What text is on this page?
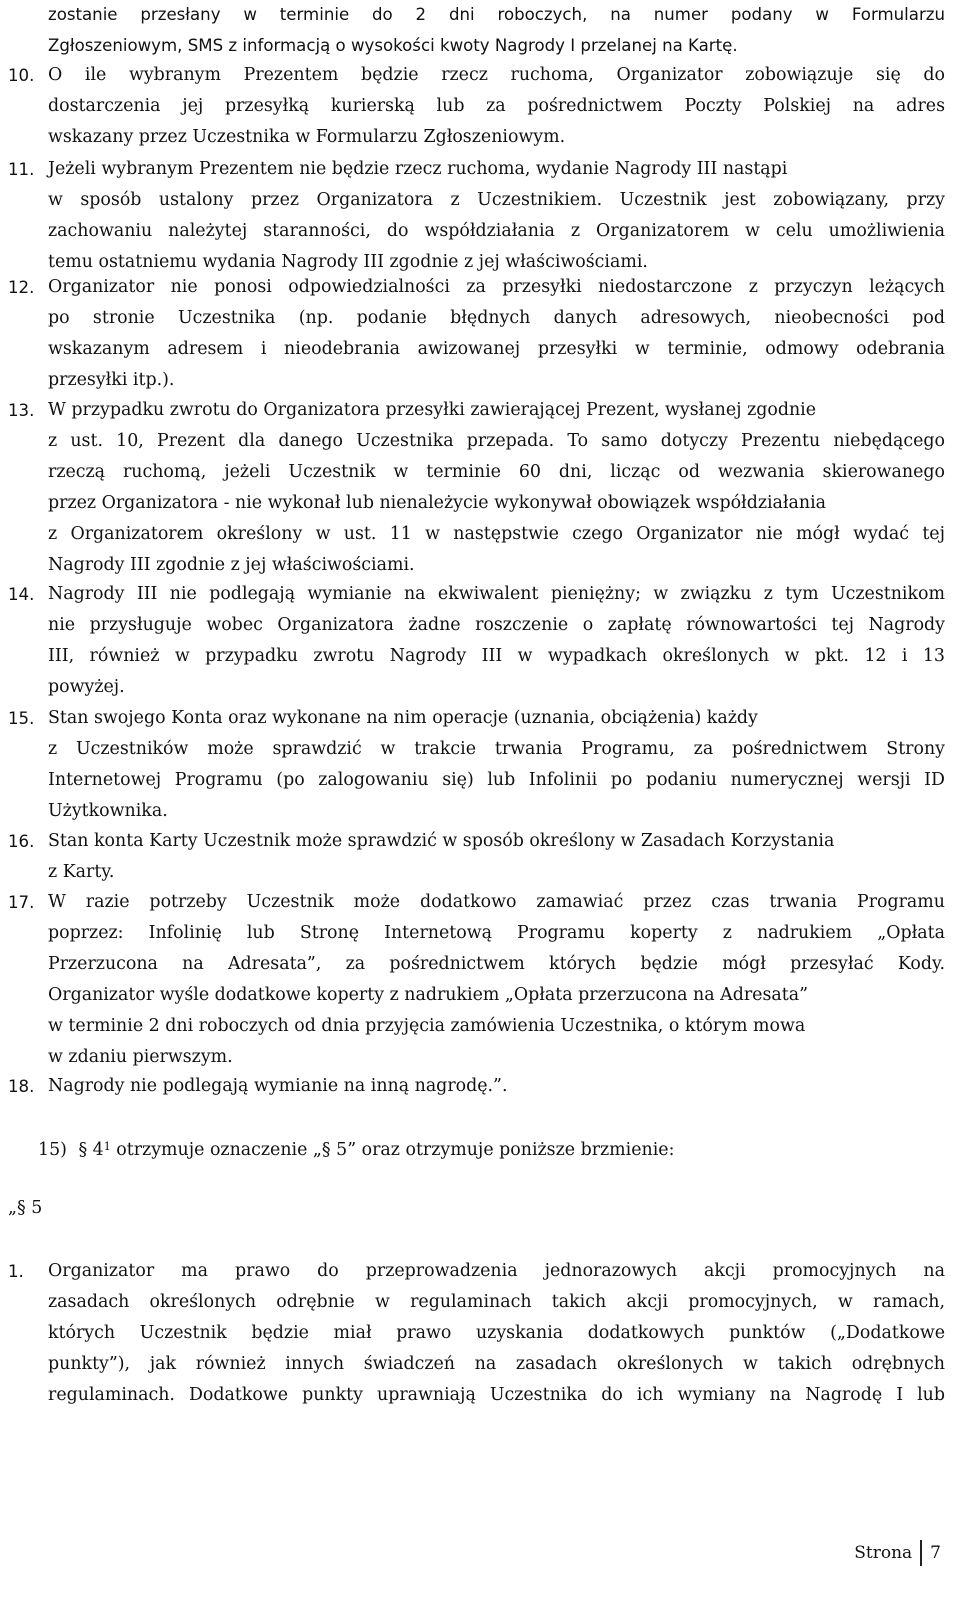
zostanie przesłany w terminie do 2 dni roboczych, na numer podany w Formularzu
Zgłoszeniowym, SMS z informacją o wysokości kwoty Nagrody I przelanej na Kartę.
10. O ile wybranym Prezentem będzie rzecz ruchoma, Organizator zobowiązuje się do
dostarczenia jej przesyłką kurierską lub za pośrednictwem Poczty Polskiej na adres
wskazany przez Uczestnika w Formularzu Zgłoszeniowym.
11. Jeżeli wybranym Prezentem nie będzie rzecz ruchoma, wydanie Nagrody III nastąpi
w sposób ustalony przez Organizatora z Uczestnikiem. Uczestnik jest zobowiązany, przy
zachowaniu należytej staranności, do współdziałania z Organizatorem w celu umożliwienia
temu ostatniemu wydania Nagrody III zgodnie z jej właściwościami.
12. Organizator nie ponosi odpowiedzialności za przesyłki niedostarczone z przyczyn leżących
po stronie Uczestnika (np. podanie błędnych danych adresowych, nieobecności pod
wskazanym adresem i nieodebrania awizowanej przesyłki w terminie, odmowy odebrania
przesyłki itp.).
13. W przypadku zwrotu do Organizatora przesyłki zawierającej Prezent, wysłanej zgodnie
z ust. 10, Prezent dla danego Uczestnika przepada. To samo dotyczy Prezentu niebędącego
rzeczą ruchomą, jeżeli Uczestnik w terminie 60 dni, licząc od wezwania skierowanego
przez Organizatora - nie wykonał lub nienależycie wykonywał obowiązek współdziałania
z Organizatorem określony w ust. 11 w następstwie czego Organizator nie mógł wydać tej
Nagrody III zgodnie z jej właściwościami.
14. Nagrody III nie podlegają wymianie na ekwiwalent pieniężny; w związku z tym Uczestnikom
nie przysługuje wobec Organizatora żadne roszczenie o zapłatę równowartości tej Nagrody
III, również w przypadku zwrotu Nagrody III w wypadkach określonych w pkt. 12 i 13
powyżej.
15. Stan swojego Konta oraz wykonane na nim operacje (uznania, obciążenia) każdy
z Uczestników może sprawdzić w trakcie trwania Programu, za pośrednictwem Strony
Internetowej Programu (po zalogowaniu się) lub Infolinii po podaniu numerycznej wersji ID
Użytkownika.
16. Stan konta Karty Uczestnik może sprawdzić w sposób określony w Zasadach Korzystania
z Karty.
17. W razie potrzeby Uczestnik może dodatkowo zamawiać przez czas trwania Programu
poprzez: Infolinię lub Stronę Internetową Programu koperty z nadrukiem „Opłata
Przerzucona na Adresata”, za pośrednictwem których będzie mógł przesyłać Kody.
Organizator wyśle dodatkowe koperty z nadrukiem „Opłata przerzucona na Adresata”
w terminie 2 dni roboczych od dnia przyjęcia zamówienia Uczestnika, o którym mowa
w zdaniu pierwszym.
18. Nagrody nie podlegają wymianie na inną nagrodę.”.
15) § $4^1$ otrzymuje oznaczenie „§ 5” oraz otrzymuje poniższe brzmienie:
„§ 5
1. Organizator ma prawo do przeprowadzenia jednorazowych akcji promocyjnych na
zasadach określonych odrębnie w regulaminach takich akcji promocyjnych, w ramach,
których Uczestnik będzie miał prawo uzyskania dodatkowych punktów („Dodatkowe
punkty”), jak również innych świadczeń na zasadach określonych w takich odrębnych
regulaminach. Dodatkowe punkty uprawniają Uczestnika do ich wymiany na Nagrodę I lub
Strona 7
